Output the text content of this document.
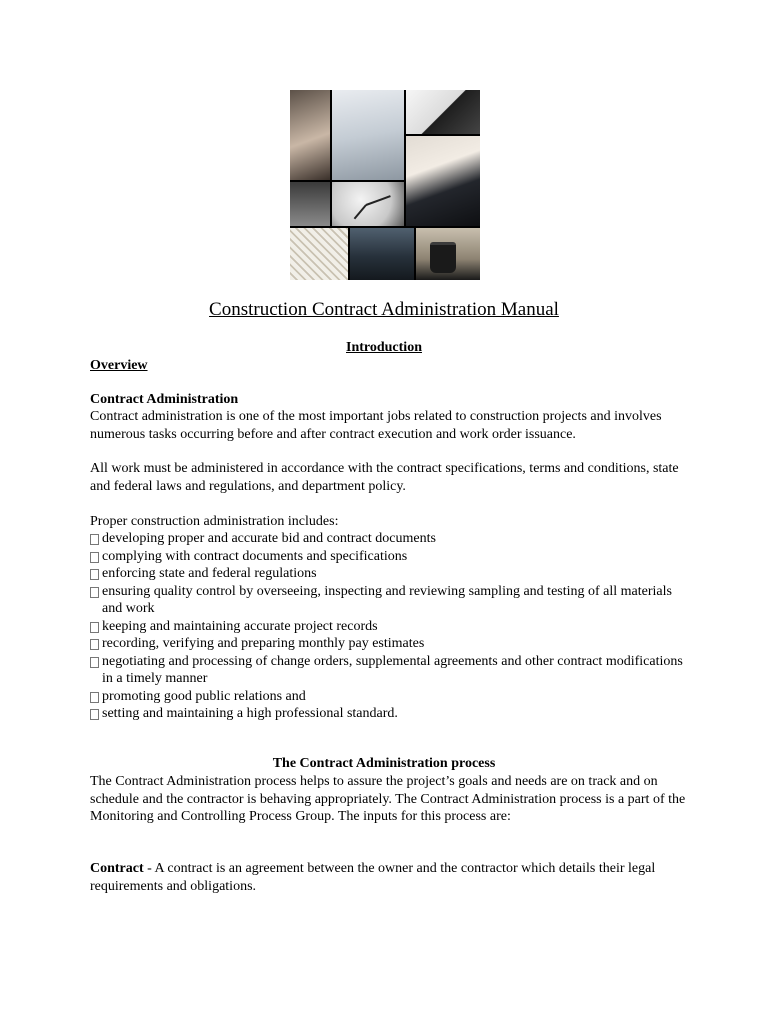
Construction Contract Administration Manual
Introduction
Overview
Contract Administration
Contract administration is one of the most important jobs related to construction projects and involves numerous tasks occurring before and after contract execution and work order issuance.
All work must be administered in accordance with the contract specifications, terms and conditions, state and federal laws and regulations, and department policy.
Proper construction administration includes:
developing proper and accurate bid and contract documents
complying with contract documents and specifications
enforcing state and federal regulations
ensuring quality control by overseeing, inspecting and reviewing sampling and testing of all materials and work
keeping and maintaining accurate project records
recording, verifying and preparing monthly pay estimates
negotiating and processing of change orders, supplemental agreements and other contract modifications in a timely manner
promoting good public relations and
setting and maintaining a high professional standard.
The Contract Administration process
The Contract Administration process helps to assure the project’s goals and needs are on track and on schedule and the contractor is behaving appropriately. The Contract Administration process is a part of the Monitoring and Controlling Process Group. The inputs for this process are:
Contract - A contract is an agreement between the owner and the contractor which details their legal requirements and obligations.
